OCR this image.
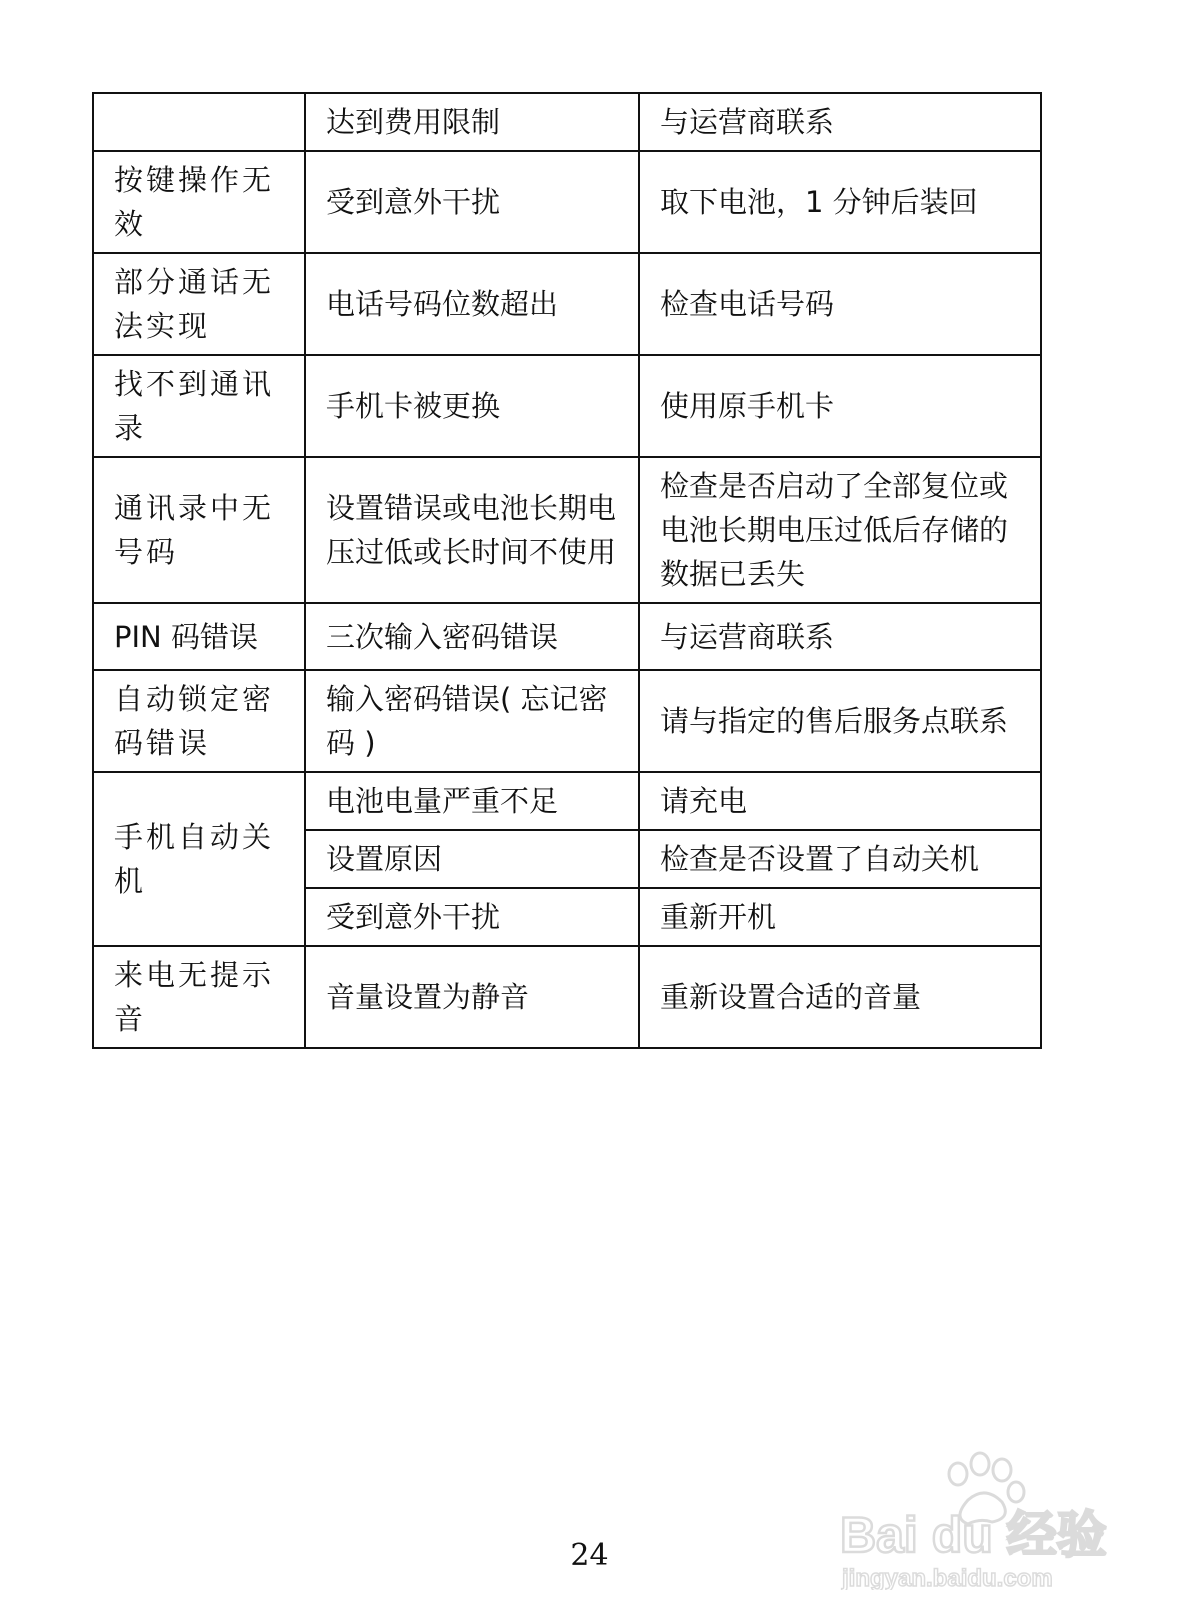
	达到费用限制	与运营商联系
按键操作无效	受到意外干扰	取下电池，1 分钟后装回
部分通话无法实现	电话号码位数超出	检查电话号码
找不到通讯录	手机卡被更换	使用原手机卡
通讯录中无号码	设置错误或电池长期电压过低或长时间不使用	检查是否启动了全部复位或电池长期电压过低后存储的数据已丢失
PIN 码错误	三次输入密码错误	与运营商联系
自动锁定密码错误	输入密码错误( 忘记密码 )	请与指定的售后服务点联系
手机自动关机	电池电量严重不足	请充电
	设置原因	检查是否设置了自动关机
	受到意外干扰	重新开机
来电无提示音	音量设置为静音	重新设置合适的音量
Bai du 经验
jingyan.baidu.com
24
